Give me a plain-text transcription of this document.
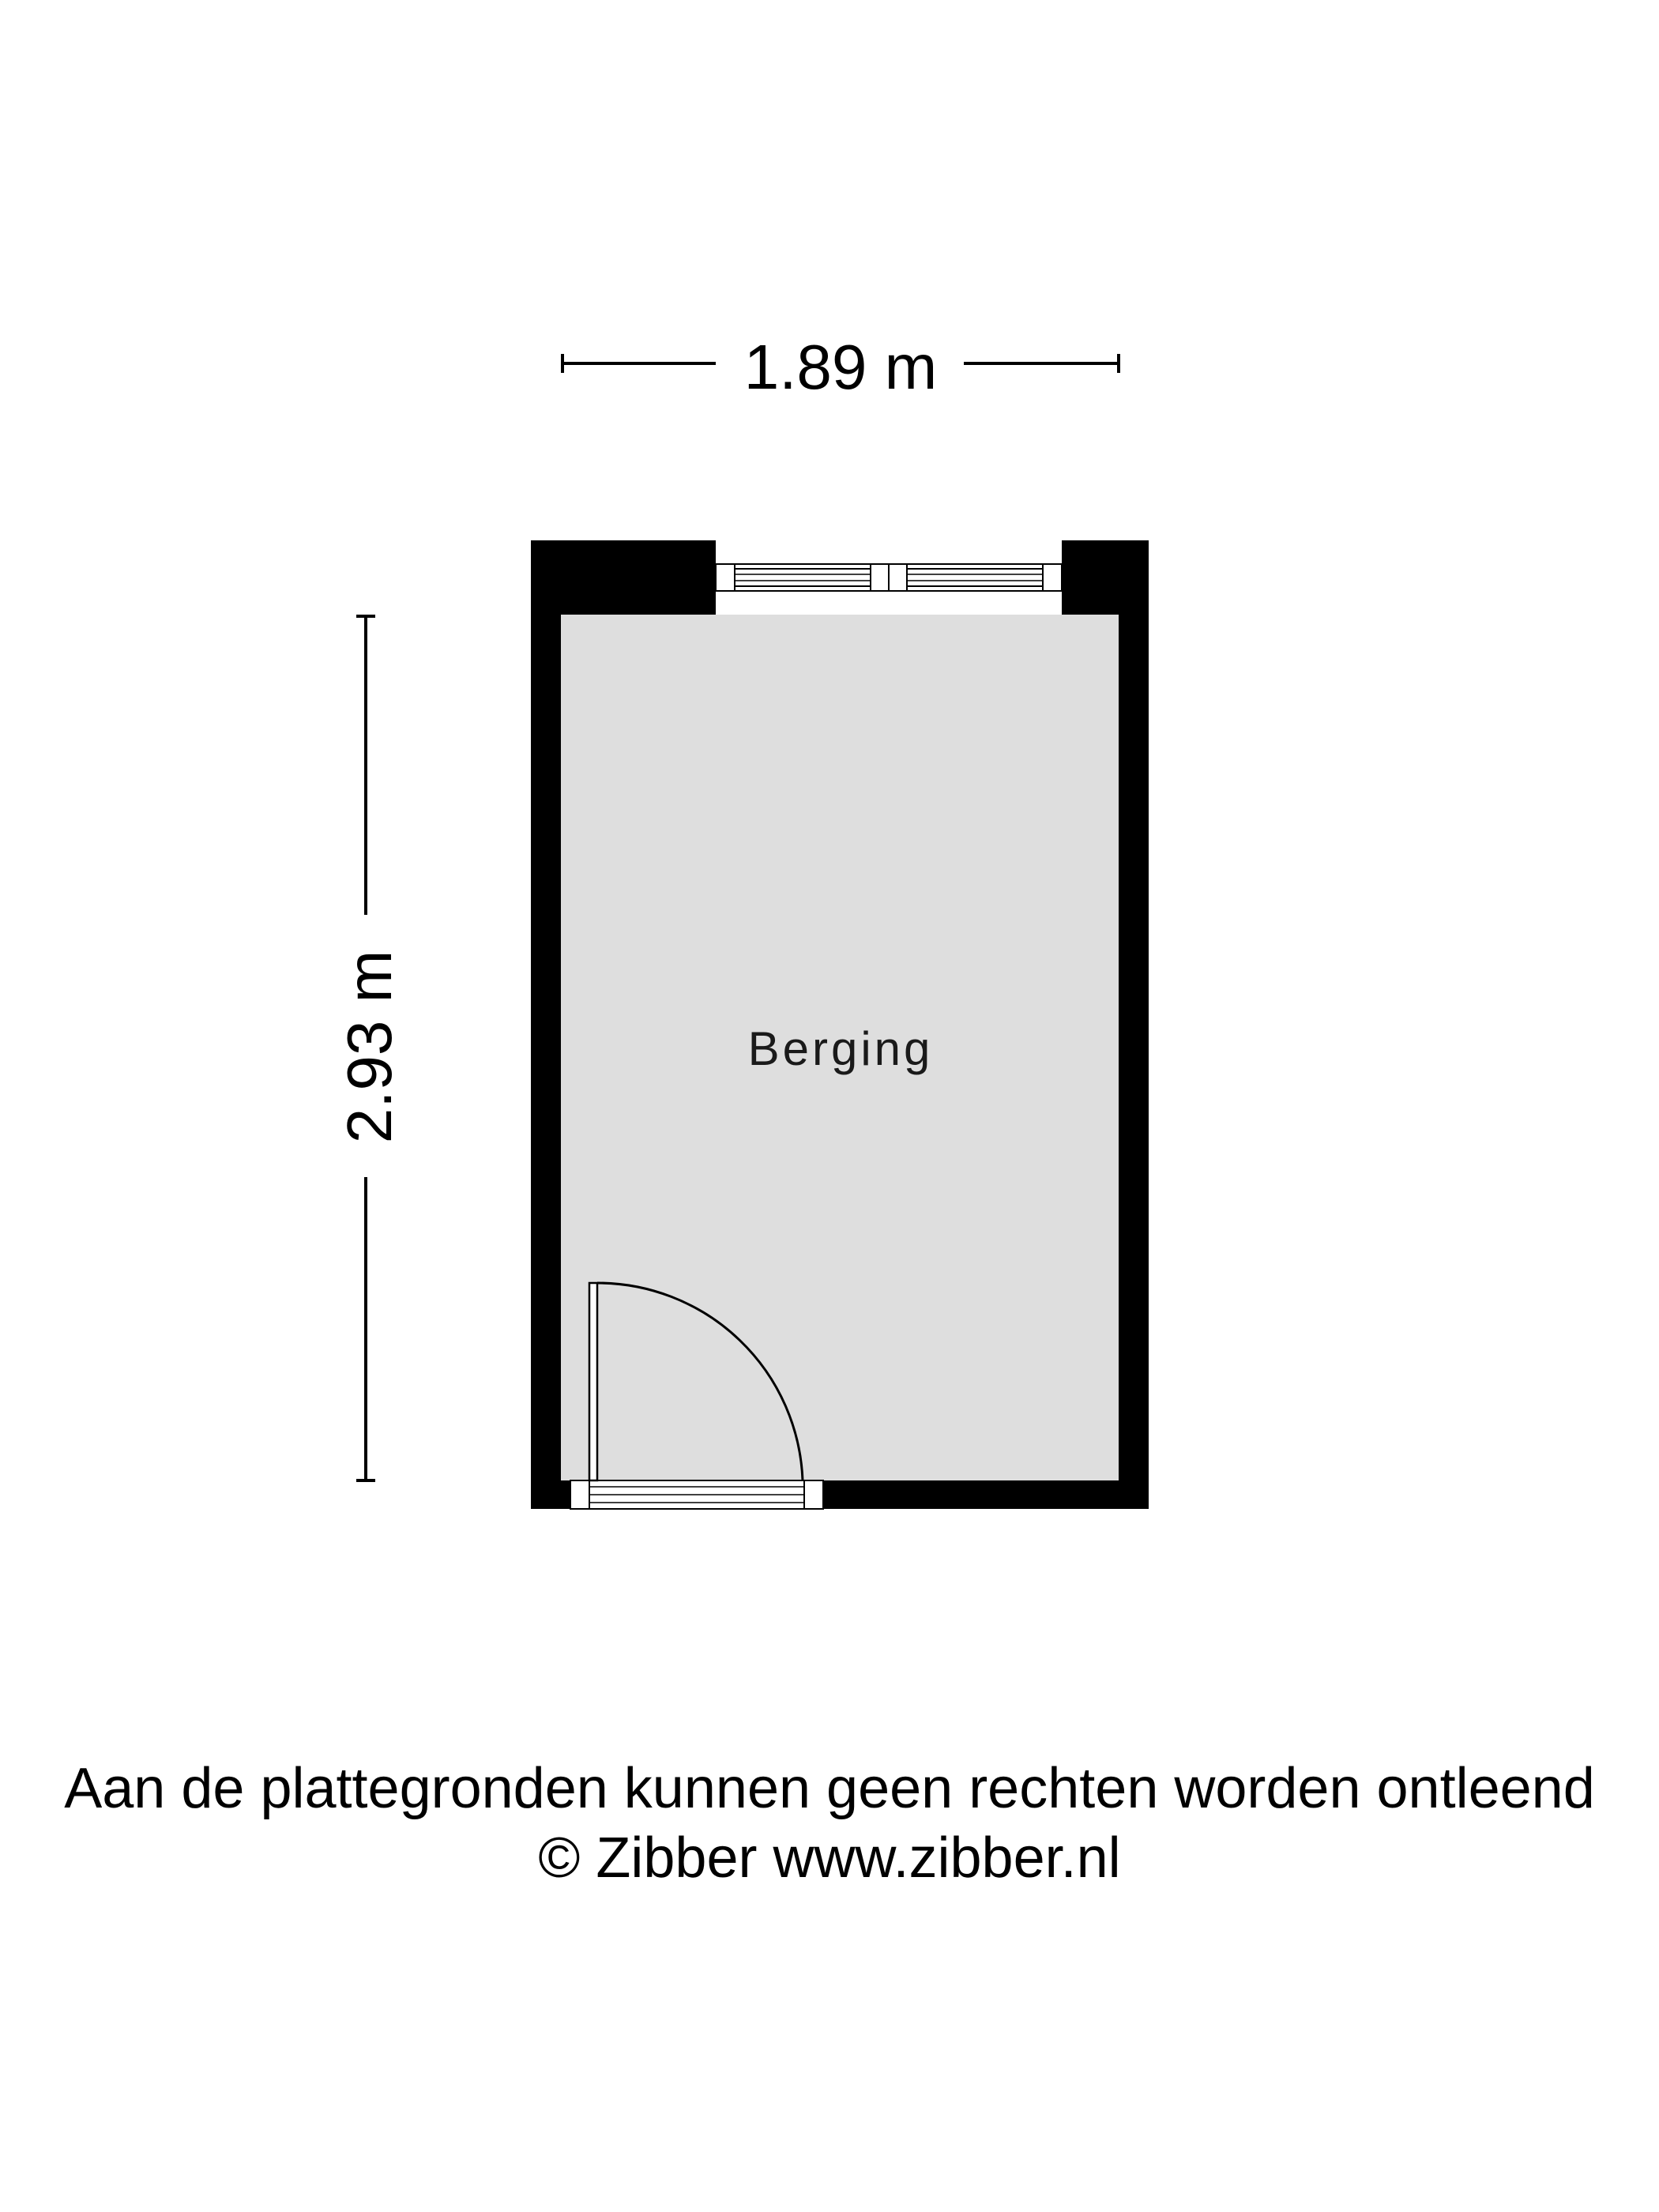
1.89 m
2.93 m	Berging
Aan de plattegronden kunnen geen rechten worden ontleend
© Zibber www.zibber.nl
